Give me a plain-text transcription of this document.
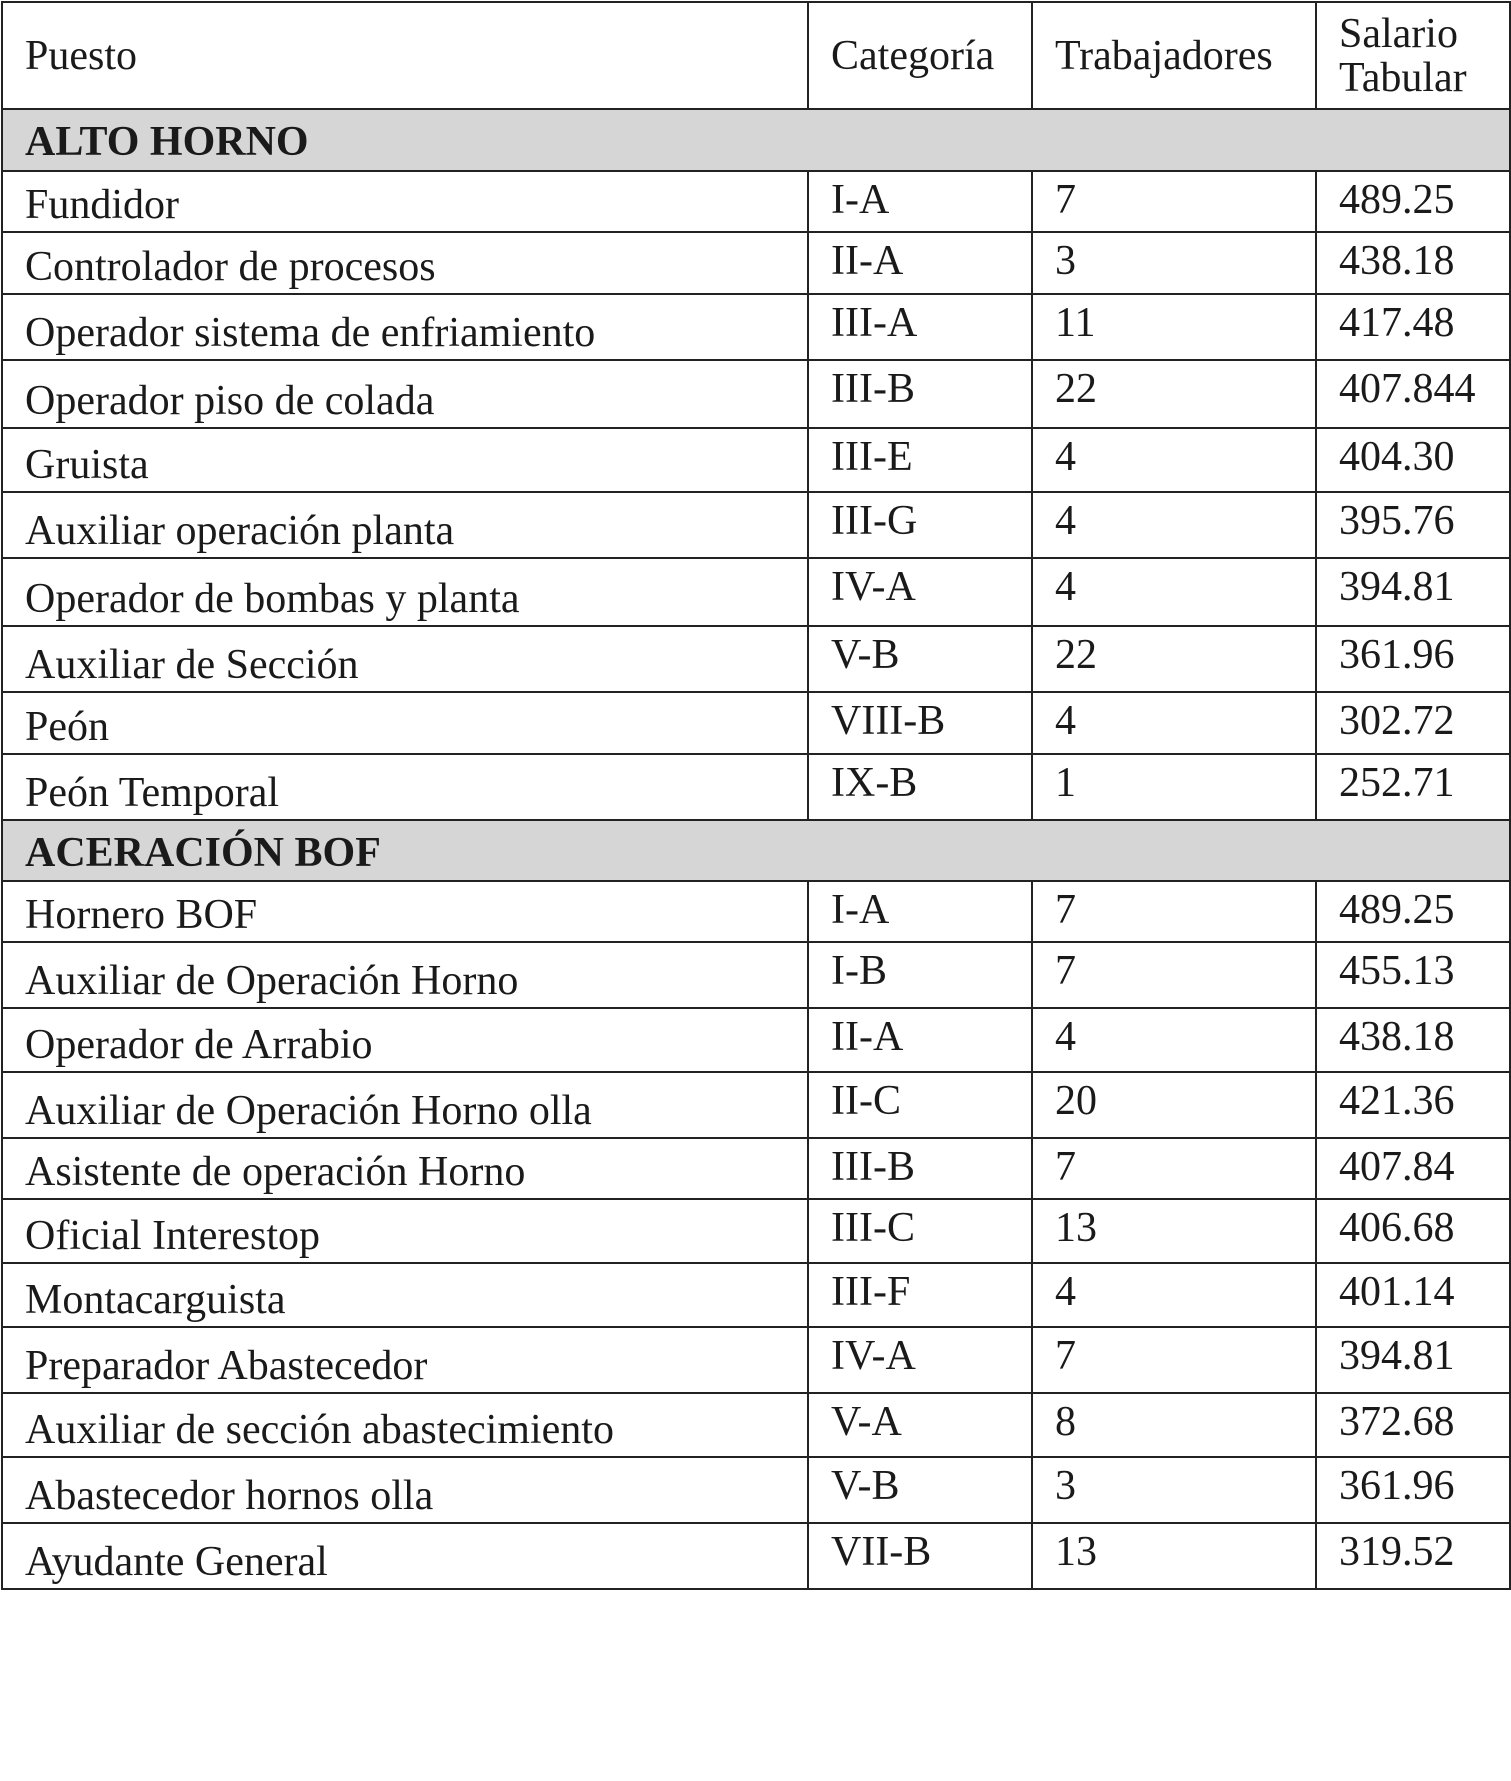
Puesto	Categoría	Trabajadores	Salario
Tabular
ALTO HORNO			
Fundidor	I-A	7	489.25
Controlador de procesos	II-A	3	438.18
Operador sistema de enfriamiento	III-A	11	417.48
Operador piso de colada	III-B	22	407.844
Gruista	III-E	4	404.30
Auxiliar operación planta	III-G	4	395.76
Operador de bombas y planta	IV-A	4	394.81
Auxiliar de Sección	V-B	22	361.96
Peón	VIII-B	4	302.72
Peón Temporal	IX-B	1	252.71
ACERACIÓN BOF			
Hornero BOF	I-A	7	489.25
Auxiliar de Operación Horno	I-B	7	455.13
Operador de Arrabio	II-A	4	438.18
Auxiliar de Operación Horno olla	II-C	20	421.36
Asistente de operación Horno	III-B	7	407.84
Oficial Interestop	III-C	13	406.68
Montacarguista	III-F	4	401.14
Preparador Abastecedor	IV-A	7	394.81
Auxiliar de sección abastecimiento	V-A	8	372.68
Abastecedor hornos olla	V-B	3	361.96
Ayudante General	VII-B	13	319.52
